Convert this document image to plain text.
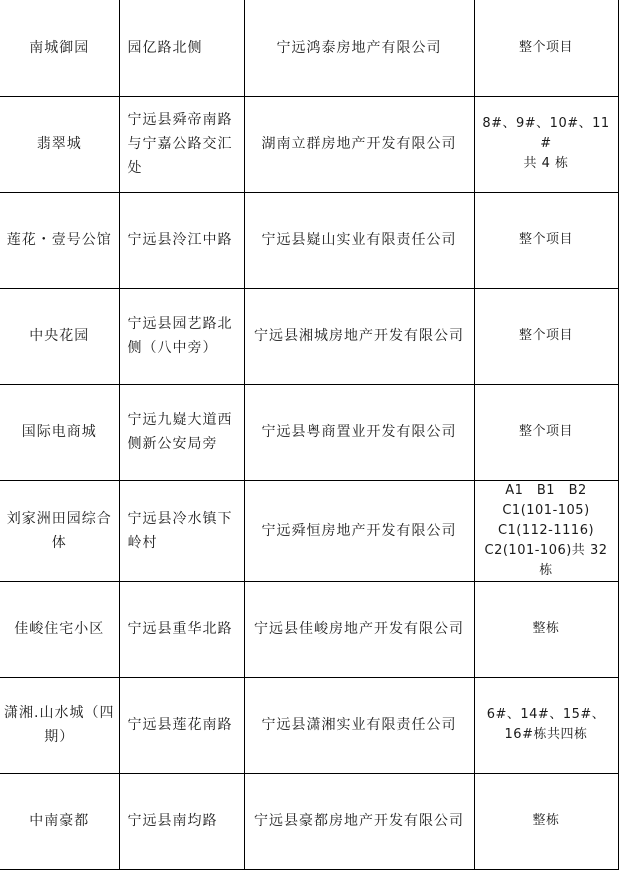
南城御园	园亿路北侧	宁远鸿泰房地产有限公司	整个项目

翡翠城	宁远县舜帝南路与宁嘉公路交汇处	湖南立群房地产开发有限公司	8#、9#、10#、11#
共 4 栋

莲花・壹号公馆	宁远县泠江中路	宁远县嶷山实业有限责任公司	整个项目

中央花园	宁远县园艺路北侧（八中旁）	宁远县湘城房地产开发有限公司	整个项目

国际电商城	宁远九嶷大道西侧新公安局旁	宁远县粤商置业开发有限公司	整个项目

刘家洲田园综合体	宁远县冷水镇下岭村	宁远舜恒房地产开发有限公司	A1　B1　B2
C1(101-105)
C1(112-1116)
C2(101-106)共 32 栋

佳峻住宅小区	宁远县重华北路	宁远县佳峻房地产开发有限公司	整栋

潇湘.山水城（四期）	宁远县莲花南路	宁远县潇湘实业有限责任公司	6#、14#、15#、
16#栋共四栋

中南豪都	宁远县南均路	宁远县豪都房地产开发有限公司	整栋
